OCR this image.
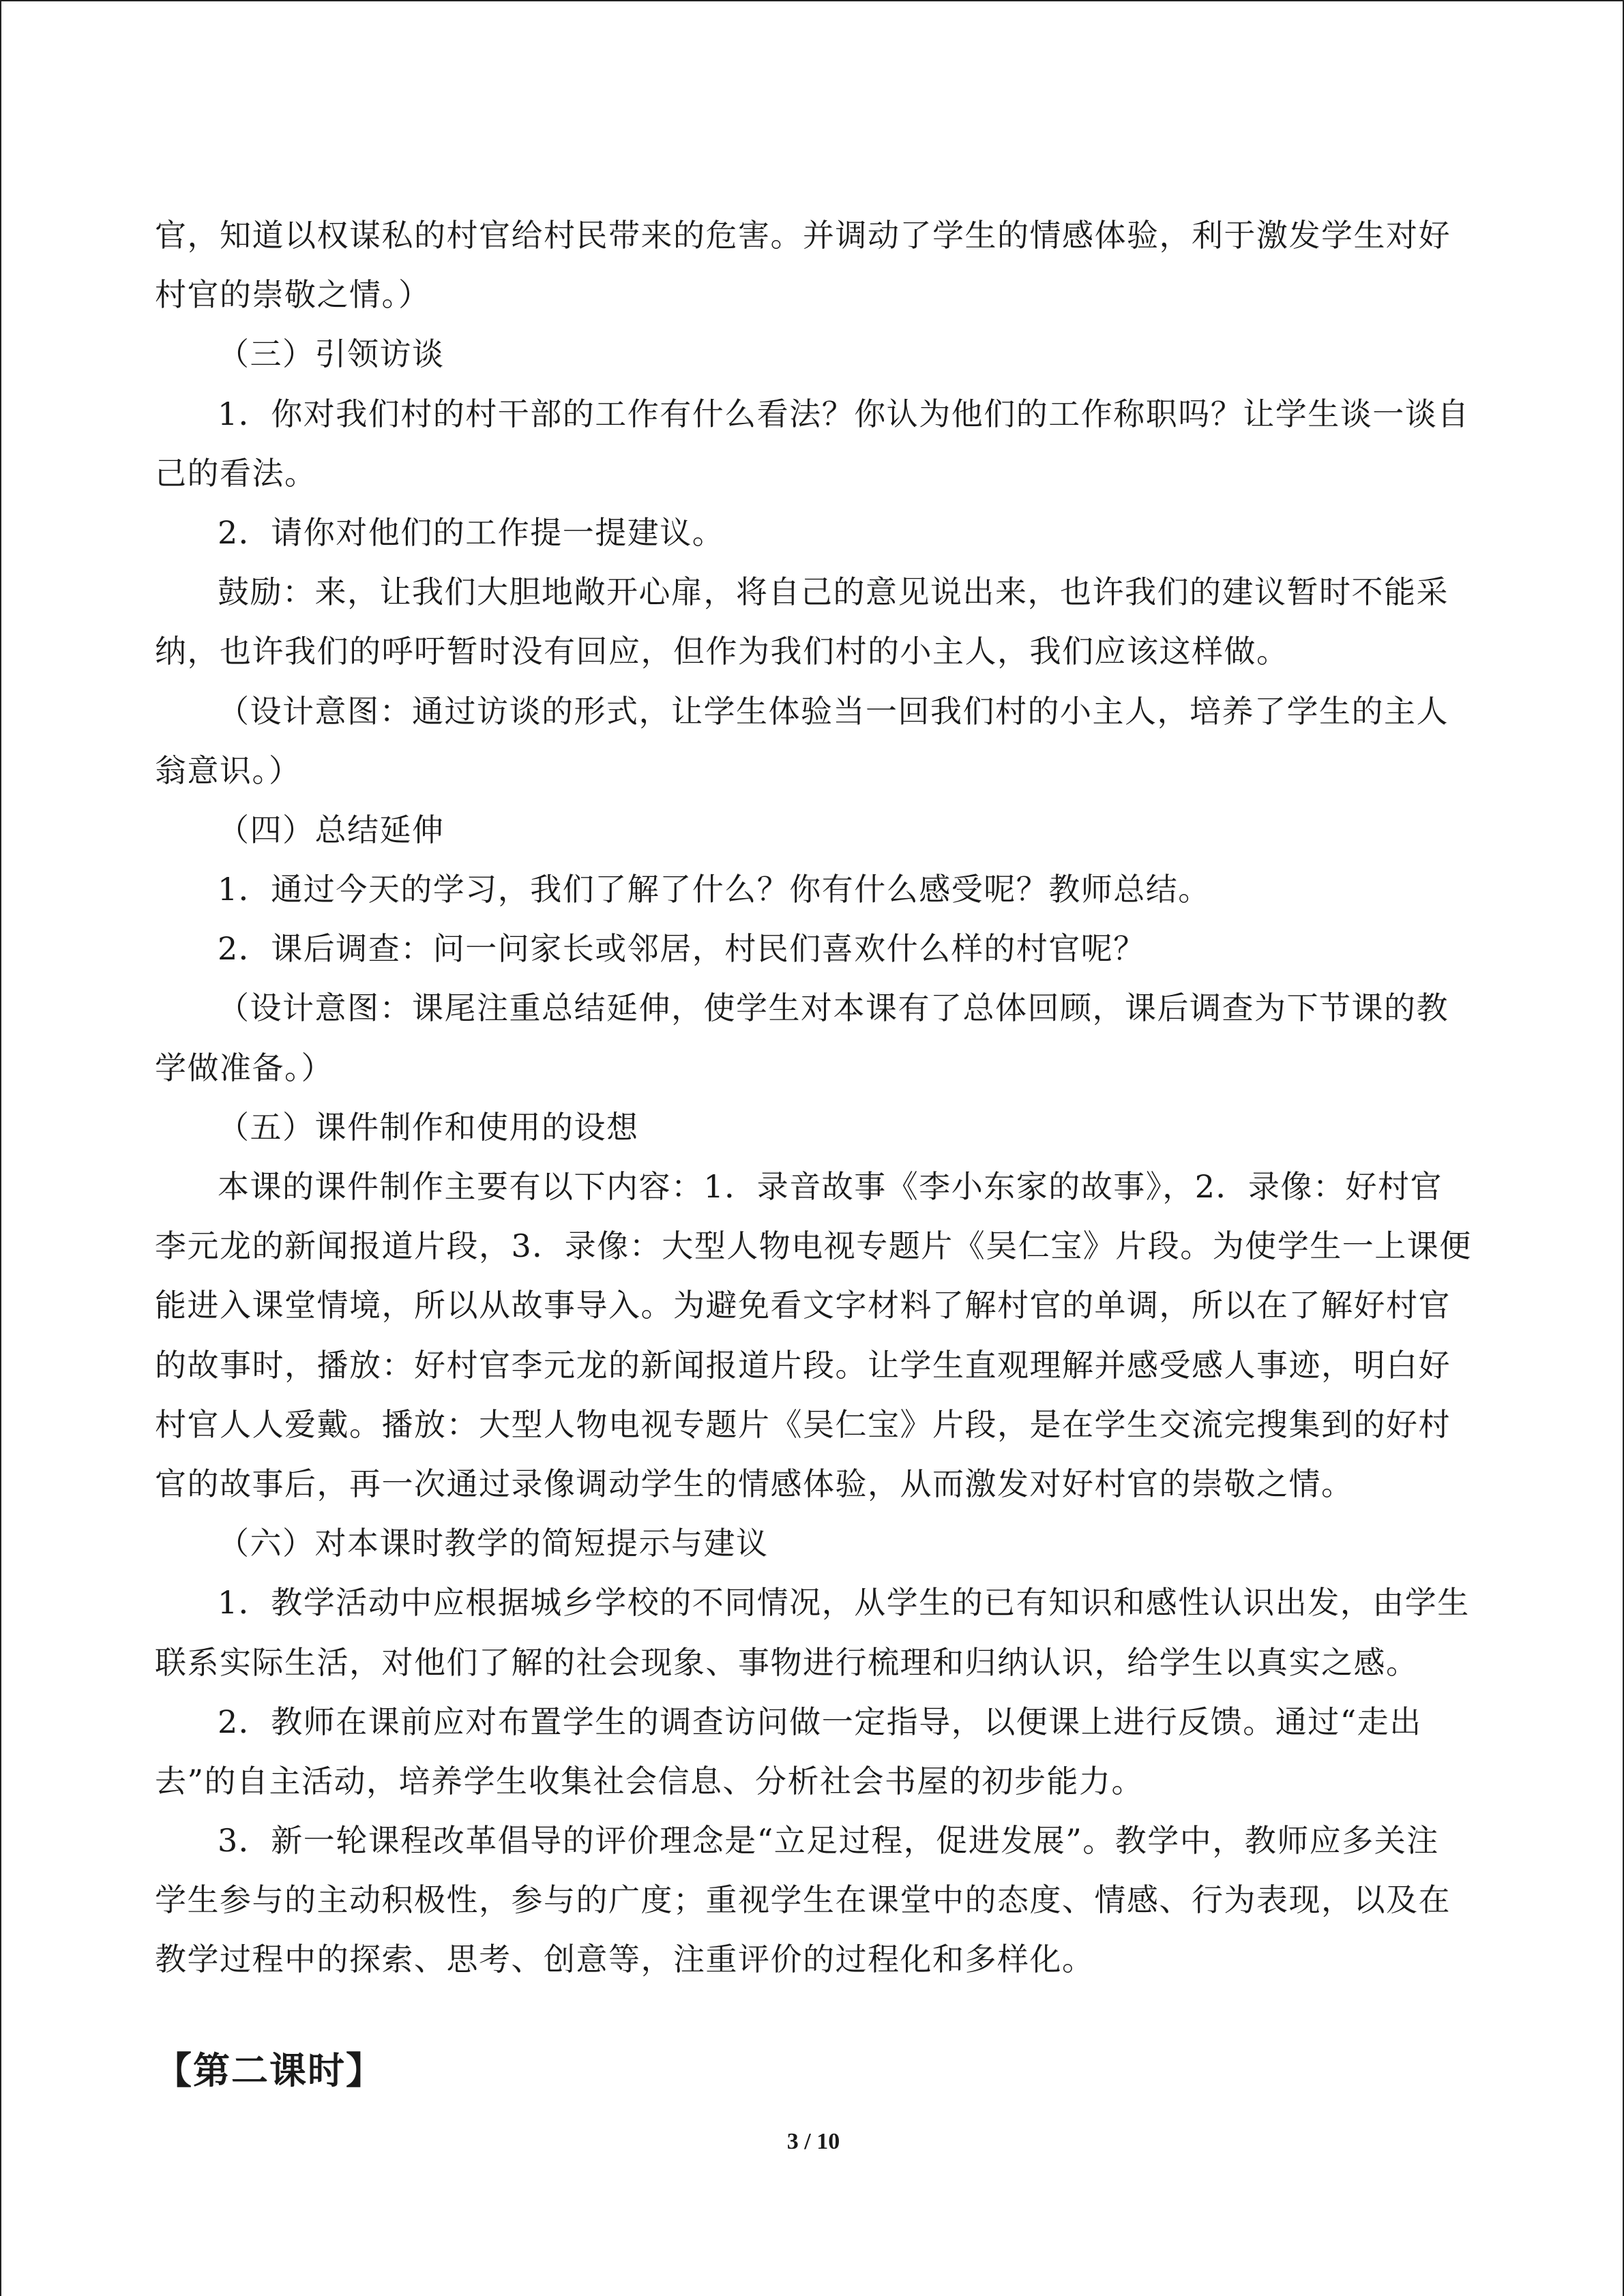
官，知道以权谋私的村官给村民带来的危害。并调动了学生的情感体验，利于激发学生对好
村官的崇敬之情。）
（三）引领访谈
1．你对我们村的村干部的工作有什么看法？你认为他们的工作称职吗？让学生谈一谈自
己的看法。
2．请你对他们的工作提一提建议。
鼓励：来，让我们大胆地敞开心扉，将自己的意见说出来，也许我们的建议暂时不能采
纳，也许我们的呼吁暂时没有回应，但作为我们村的小主人，我们应该这样做。
（设计意图：通过访谈的形式，让学生体验当一回我们村的小主人，培养了学生的主人
翁意识。）
（四）总结延伸
1．通过今天的学习，我们了解了什么？你有什么感受呢？教师总结。
2．课后调查：问一问家长或邻居，村民们喜欢什么样的村官呢？
（设计意图：课尾注重总结延伸，使学生对本课有了总体回顾，课后调查为下节课的教
学做准备。）
（五）课件制作和使用的设想
本课的课件制作主要有以下内容：1．录音故事《李小东家的故事》，2．录像：好村官
李元龙的新闻报道片段，3．录像：大型人物电视专题片《吴仁宝》片段。为使学生一上课便
能进入课堂情境，所以从故事导入。为避免看文字材料了解村官的单调，所以在了解好村官
的故事时，播放：好村官李元龙的新闻报道片段。让学生直观理解并感受感人事迹，明白好
村官人人爱戴。播放：大型人物电视专题片《吴仁宝》片段，是在学生交流完搜集到的好村
官的故事后，再一次通过录像调动学生的情感体验，从而激发对好村官的崇敬之情。
（六）对本课时教学的简短提示与建议
1．教学活动中应根据城乡学校的不同情况，从学生的已有知识和感性认识出发，由学生
联系实际生活，对他们了解的社会现象、事物进行梳理和归纳认识，给学生以真实之感。
2．教师在课前应对布置学生的调查访问做一定指导，以便课上进行反馈。通过“走出
去”的自主活动，培养学生收集社会信息、分析社会书屋的初步能力。
3．新一轮课程改革倡导的评价理念是“立足过程，促进发展”。教学中，教师应多关注
学生参与的主动积极性，参与的广度；重视学生在课堂中的态度、情感、行为表现，以及在
教学过程中的探索、思考、创意等，注重评价的过程化和多样化。
【第二课时】
3 / 10
